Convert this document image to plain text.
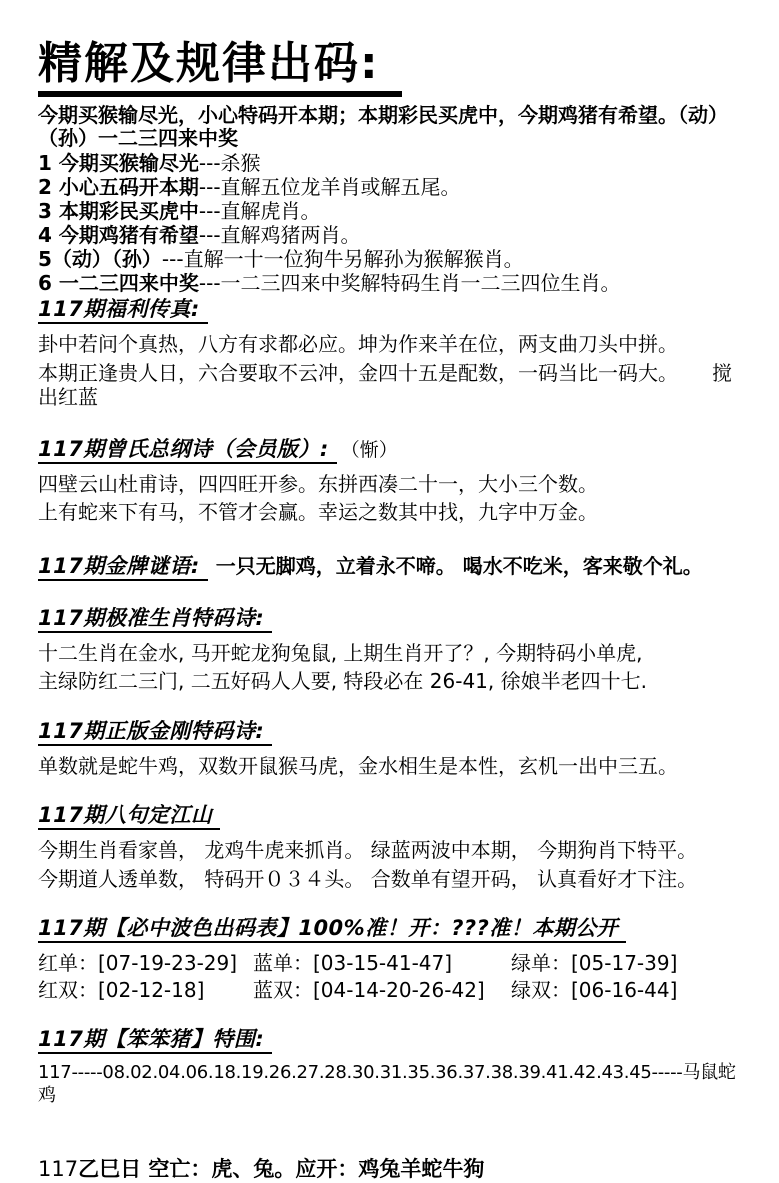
精解及规律出码:
今期买猴输尽光，小心特码开本期；本期彩民买虎中，今期鸡猪有希望。（动）
（孙）一二三四来中奖
1 今期买猴输尽光---杀猴
2 小心五码开本期---直解五位龙羊肖或解五尾。
3 本期彩民买虎中---直解虎肖。
4 今期鸡猪有希望---直解鸡猪两肖。
5（动）（孙）---直解一十一位狗牛另解孙为猴解猴肖。
6 一二三四来中奖---一二三四来中奖解特码生肖一二三四位生肖。
117期福利传真:
卦中若问个真热，八方有求都必应。坤为作来羊在位，两支曲刀头中拼。
本期正逢贵人日，六合要取不云冲，金四十五是配数，一码当比一码大。 搅出红蓝
117期曾氏总纲诗（会员版）: （惭）
四壁云山杜甫诗，四四旺开参。东拼西凑二十一，大小三个数。
上有蛇来下有马，不管才会赢。幸运之数其中找，九字中万金。
117期金牌谜语: 一只无脚鸡，立着永不啼。 喝水不吃米，客来敬个礼。
117期极准生肖特码诗:
十二生肖在金水, 马开蛇龙狗兔鼠, 上期生肖开了？, 今期特码小单虎,
主绿防红二三门, 二五好码人人要, 特段必在 26-41, 徐娘半老四十七.
117期正版金刚特码诗:
单数就是蛇牛鸡，双数开鼠猴马虎，金水相生是本性，玄机一出中三五。
117期八句定江山
今期生肖看家兽， 龙鸡牛虎来抓肖。 绿蓝两波中本期， 今期狗肖下特平。
今期道人透单数， 特码开０３４头。 合数单有望开码， 认真看好才下注。
117期【必中波色出码表】100%准！开：???准！本期公开
红单：[07-19-23-29] 蓝单：[03-15-41-47]	绿单：[05-17-39]
红双：[02-12-18]	蓝双：[04-14-20-26-42]	绿双：[06-16-44]
117期【笨笨猪】特围:
117-----08.02.04.06.18.19.26.27.28.30.31.35.36.37.38.39.41.42.43.45-----马鼠蛇鸡
117乙巳日 空亡：虎、兔。应开：鸡兔羊蛇牛狗
